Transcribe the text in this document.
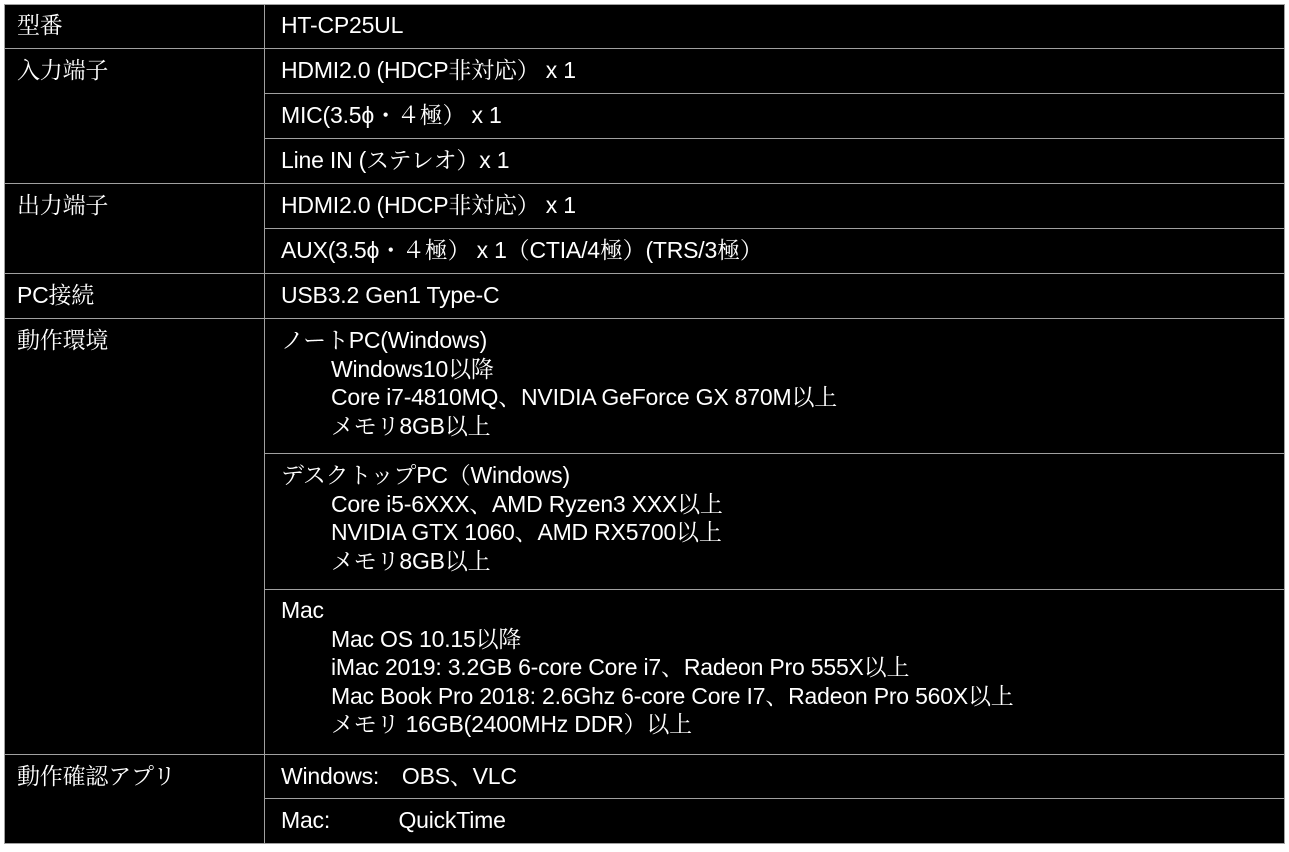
型番	HT-CP25UL
入力端子	HDMI2.0 (HDCP非対応） x 1
MIC(3.5ϕ・４極） x 1
Line IN (ステレオ）x 1
出力端子	HDMI2.0 (HDCP非対応） x 1
AUX(3.5ϕ・４極） x 1（CTIA/4極）(TRS/3極）
PC接続	USB3.2 Gen1 Type-C
動作環境	ノートPC(Windows)
Windows10以降
Core i7-4810MQ、NVIDIA GeForce GX 870M以上
メモリ8GB以上
デスクトップPC（Windows)
Core i5-6XXX、AMD Ryzen3 XXX以上
NVIDIA GTX 1060、AMD RX5700以上
メモリ8GB以上
Mac
Mac OS 10.15以降
iMac 2019: 3.2GB 6-core Core i7、Radeon Pro 555X以上
Mac Book Pro 2018: 2.6Ghz 6-core Core I7、Radeon Pro 560X以上
メモリ 16GB(2400MHz DDR）以上
動作確認アプリ	Windows:　OBS、VLC
Mac:　　　QuickTime
